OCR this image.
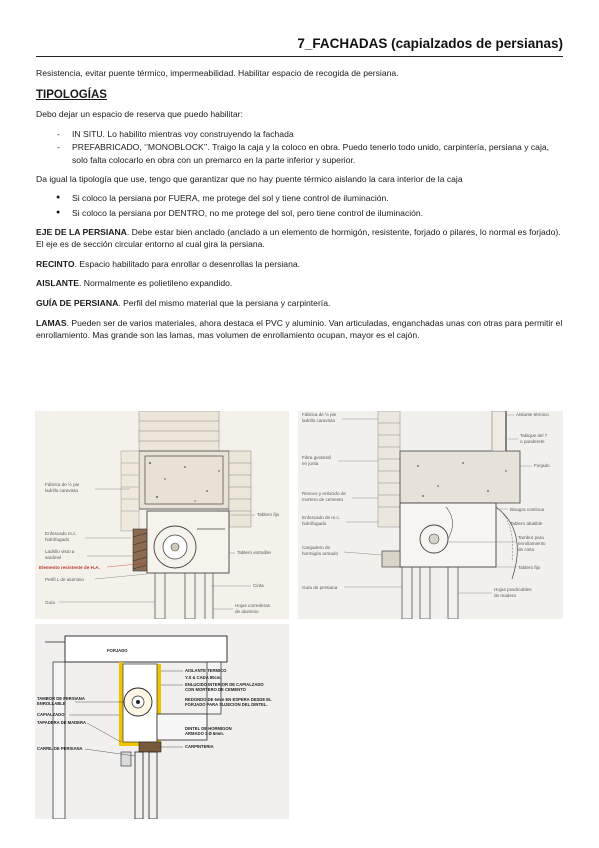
7_FACHADAS (capialzados de persianas)

Resistencia, evitar puente térmico, impermeabilidad. Habilitar espacio de recogida de persiana.

TIPOLOGÍAS

Debo dejar un espacio de reserva que puedo habilitar:

- IN SITU. Lo habilito mientras voy construyendo la fachada
- PREFABRICADO, ‘’MONOBLOCK’’. Traigo la caja y la coloco en obra. Puedo tenerlo todo unido, carpintería, persiana y caja, solo falta colocarlo en obra con un premarco en la parte inferior y superior.

Da igual la tipología que use, tengo que garantizar que no hay puente térmico aislando la cara interior de la caja

● Si coloco la persiana por FUERA, me protege del sol y tiene control de iluminación.
● Si coloco la persiana por DENTRO, no me protege del sol, pero tiene control de iluminación.

EJE DE LA PERSIANA. Debe estar bien anclado (anclado a un elemento de hormigón, resistente, forjado o pilares, lo normal es forjado). El eje es de sección circular entorno al cual gira la persiana.

RECINTO. Espacio habilitado para enrollar o desenrollas la persiana.

AISLANTE. Normalmente es polietileno expandido.

GUÍA DE PERSIANA. Perfil del mismo material que la persiana y carpintería.

LAMAS. Pueden ser de varios materiales, ahora destaca el PVC y aluminio. Van articuladas, enganchadas unas con otras para permitir el enrollamiento. Mas grande son las lamas, mas volumen de enrollamiento ocupan, mayor es el cajón.

Fábrica de ½ pie
ladrillo caravista
Enfoscado m.c.
hidrófugado
Ladrillo visto a
sardinel
Elemento resistente de H.A.
Perfil L de aluminio
Guía
Tablero fijo
Tablero extraíble
Cinta
Hojas correderas
de aluminio
Fábrica de ½ pie
ladrillo caravista
Fibra geotextil
en junta
Revoco y enlucido de
mortero de cemento
Enfoscado de m.c.
hidrófugado
Cargadero de
hormigón armado
Guía de persiana
Aislante térmico
Tabique del 7
o panderete
Forjado
Bisagra continua
Tablero abatible
Tambor para
enrollamiento
de cinta
Tablero fijo
Hojas practicables
de madera
FORJADO
AISLANTE TERMICO
Y.S & CADA 80cm.
ENLUCIDO INTERIOR DE CAPIALZADO
CON MORTERO DE CEMENTO
REDONDO DE 6mm EN ESPERA DESDE EL
FORJADO PARA SUJECION DEL DINTEL.
DINTEL DE HORMIGON
ARMADO 3 Ø 6mm.
CARPINTERIA
TAMBOR DE PERSIANA
ENROLLABLE
CAPIALZADO
TAPADERA DE MADERA
CARRIL DE PERSIANA
